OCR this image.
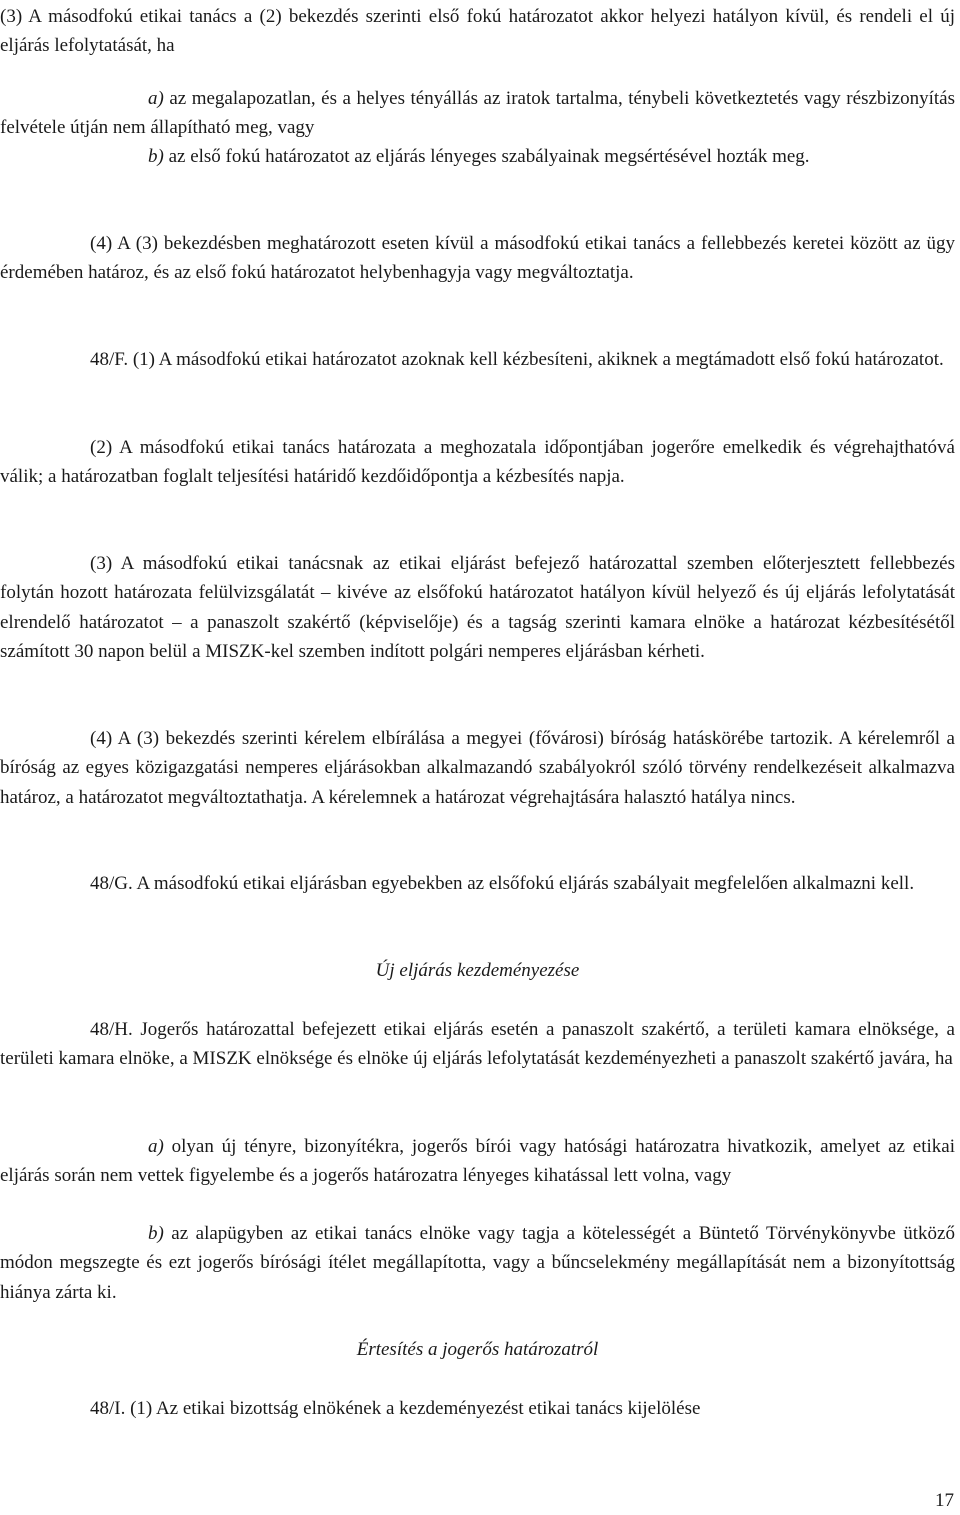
(3) A másodfokú etikai tanács a (2) bekezdés szerinti első fokú határozatot akkor helyezi hatályon kívül, és rendeli el új eljárás lefolytatását, ha

a) az megalapozatlan, és a helyes tényállás az iratok tartalma, ténybeli következtetés vagy részbizonyítás felvétele útján nem állapítható meg, vagy

b) az első fokú határozatot az eljárás lényeges szabályainak megsértésével hozták meg.

(4) A (3) bekezdésben meghatározott eseten kívül a másodfokú etikai tanács a fellebbezés keretei között az ügy érdemében határoz, és az első fokú határozatot helybenhagyja vagy megváltoztatja.

48/F. (1) A másodfokú etikai határozatot azoknak kell kézbesíteni, akiknek a megtámadott első fokú határozatot.

(2) A másodfokú etikai tanács határozata a meghozatala időpontjában jogerőre emelkedik és végrehajthatóvá válik; a határozatban foglalt teljesítési határidő kezdőidőpontja a kézbesítés napja.

(3) A másodfokú etikai tanácsnak az etikai eljárást befejező határozattal szemben előterjesztett fellebbezés folytán hozott határozata felülvizsgálatát – kivéve az elsőfokú határozatot hatályon kívül helyező és új eljárás lefolytatását elrendelő határozatot – a panaszolt szakértő (képviselője) és a tagság szerinti kamara elnöke a határozat kézbesítésétől számított 30 napon belül a MISZK-kel szemben indított polgári nemperes eljárásban kérheti.

(4) A (3) bekezdés szerinti kérelem elbírálása a megyei (fővárosi) bíróság hatáskörébe tartozik. A kérelemről a bíróság az egyes közigazgatási nemperes eljárásokban alkalmazandó szabályokról szóló törvény rendelkezéseit alkalmazva határoz, a határozatot megváltoztathatja. A kérelemnek a határozat végrehajtására halasztó hatálya nincs.

48/G. A másodfokú etikai eljárásban egyebekben az elsőfokú eljárás szabályait megfelelően alkalmazni kell.

Új eljárás kezdeményezése

48/H. Jogerős határozattal befejezett etikai eljárás esetén a panaszolt szakértő, a területi kamara elnöksége, a területi kamara elnöke, a MISZK elnöksége és elnöke új eljárás lefolytatását kezdeményezheti a panaszolt szakértő javára, ha

a) olyan új tényre, bizonyítékra, jogerős bírói vagy hatósági határozatra hivatkozik, amelyet az etikai eljárás során nem vettek figyelembe és a jogerős határozatra lényeges kihatással lett volna, vagy

b) az alapügyben az etikai tanács elnöke vagy tagja a kötelességét a Büntető Törvénykönyvbe ütköző módon megszegte és ezt jogerős bírósági ítélet megállapította, vagy a bűncselekmény megállapítását nem a bizonyítottság hiánya zárta ki.

Értesítés a jogerős határozatról

48/I. (1) Az etikai bizottság elnökének a kezdeményezést etikai tanács kijelölése

17
